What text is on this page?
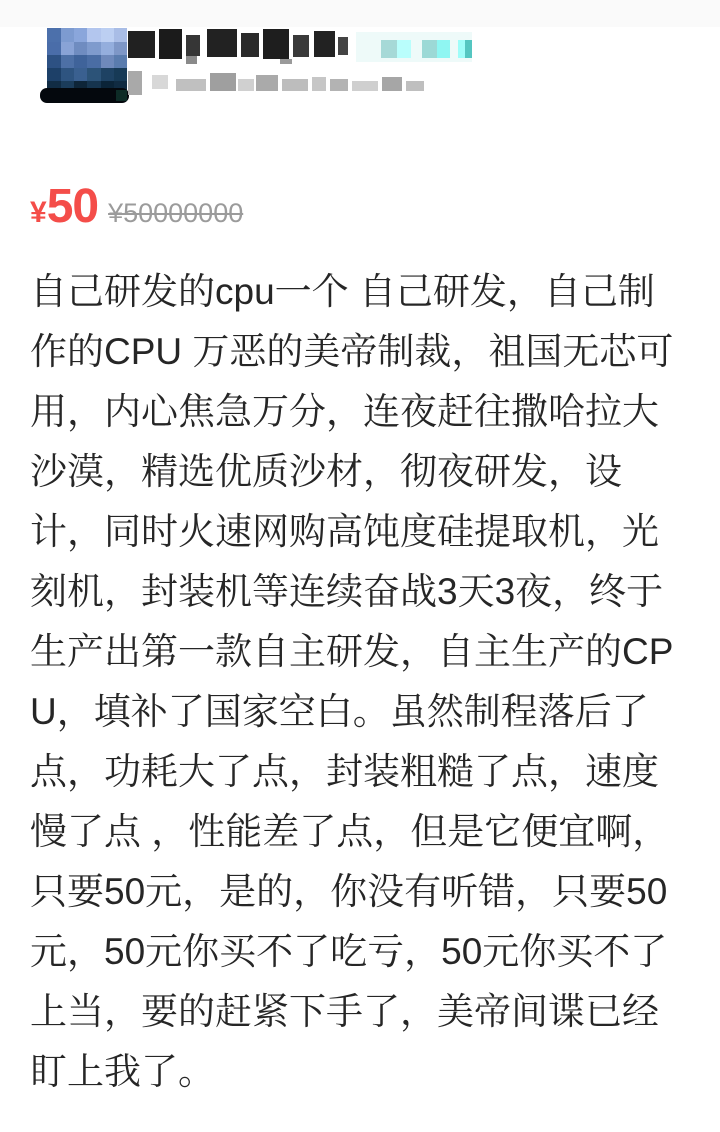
¥ 50 ¥50000000

自己研发的cpu一个 自己研发，自己制作的CPU 万恶的美帝制裁，祖国无芯可用，内心焦急万分，连夜赶往撒哈拉大沙漠，精选优质沙材，彻夜研发，设计，同时火速网购高饨度硅提取机，光刻机，封装机等连续奋战3天3夜，终于生产出第一款自主研发，自主生产的CPU，填补了国家空白。虽然制程落后了点，功耗大了点，封装粗糙了点，速度慢了点 ，性能差了点，但是它便宜啊，只要50元，是的，你没有听错，只要50元，50元你买不了吃亏，50元你买不了上当，要的赶紧下手了，美帝间谍已经盯上我了。
